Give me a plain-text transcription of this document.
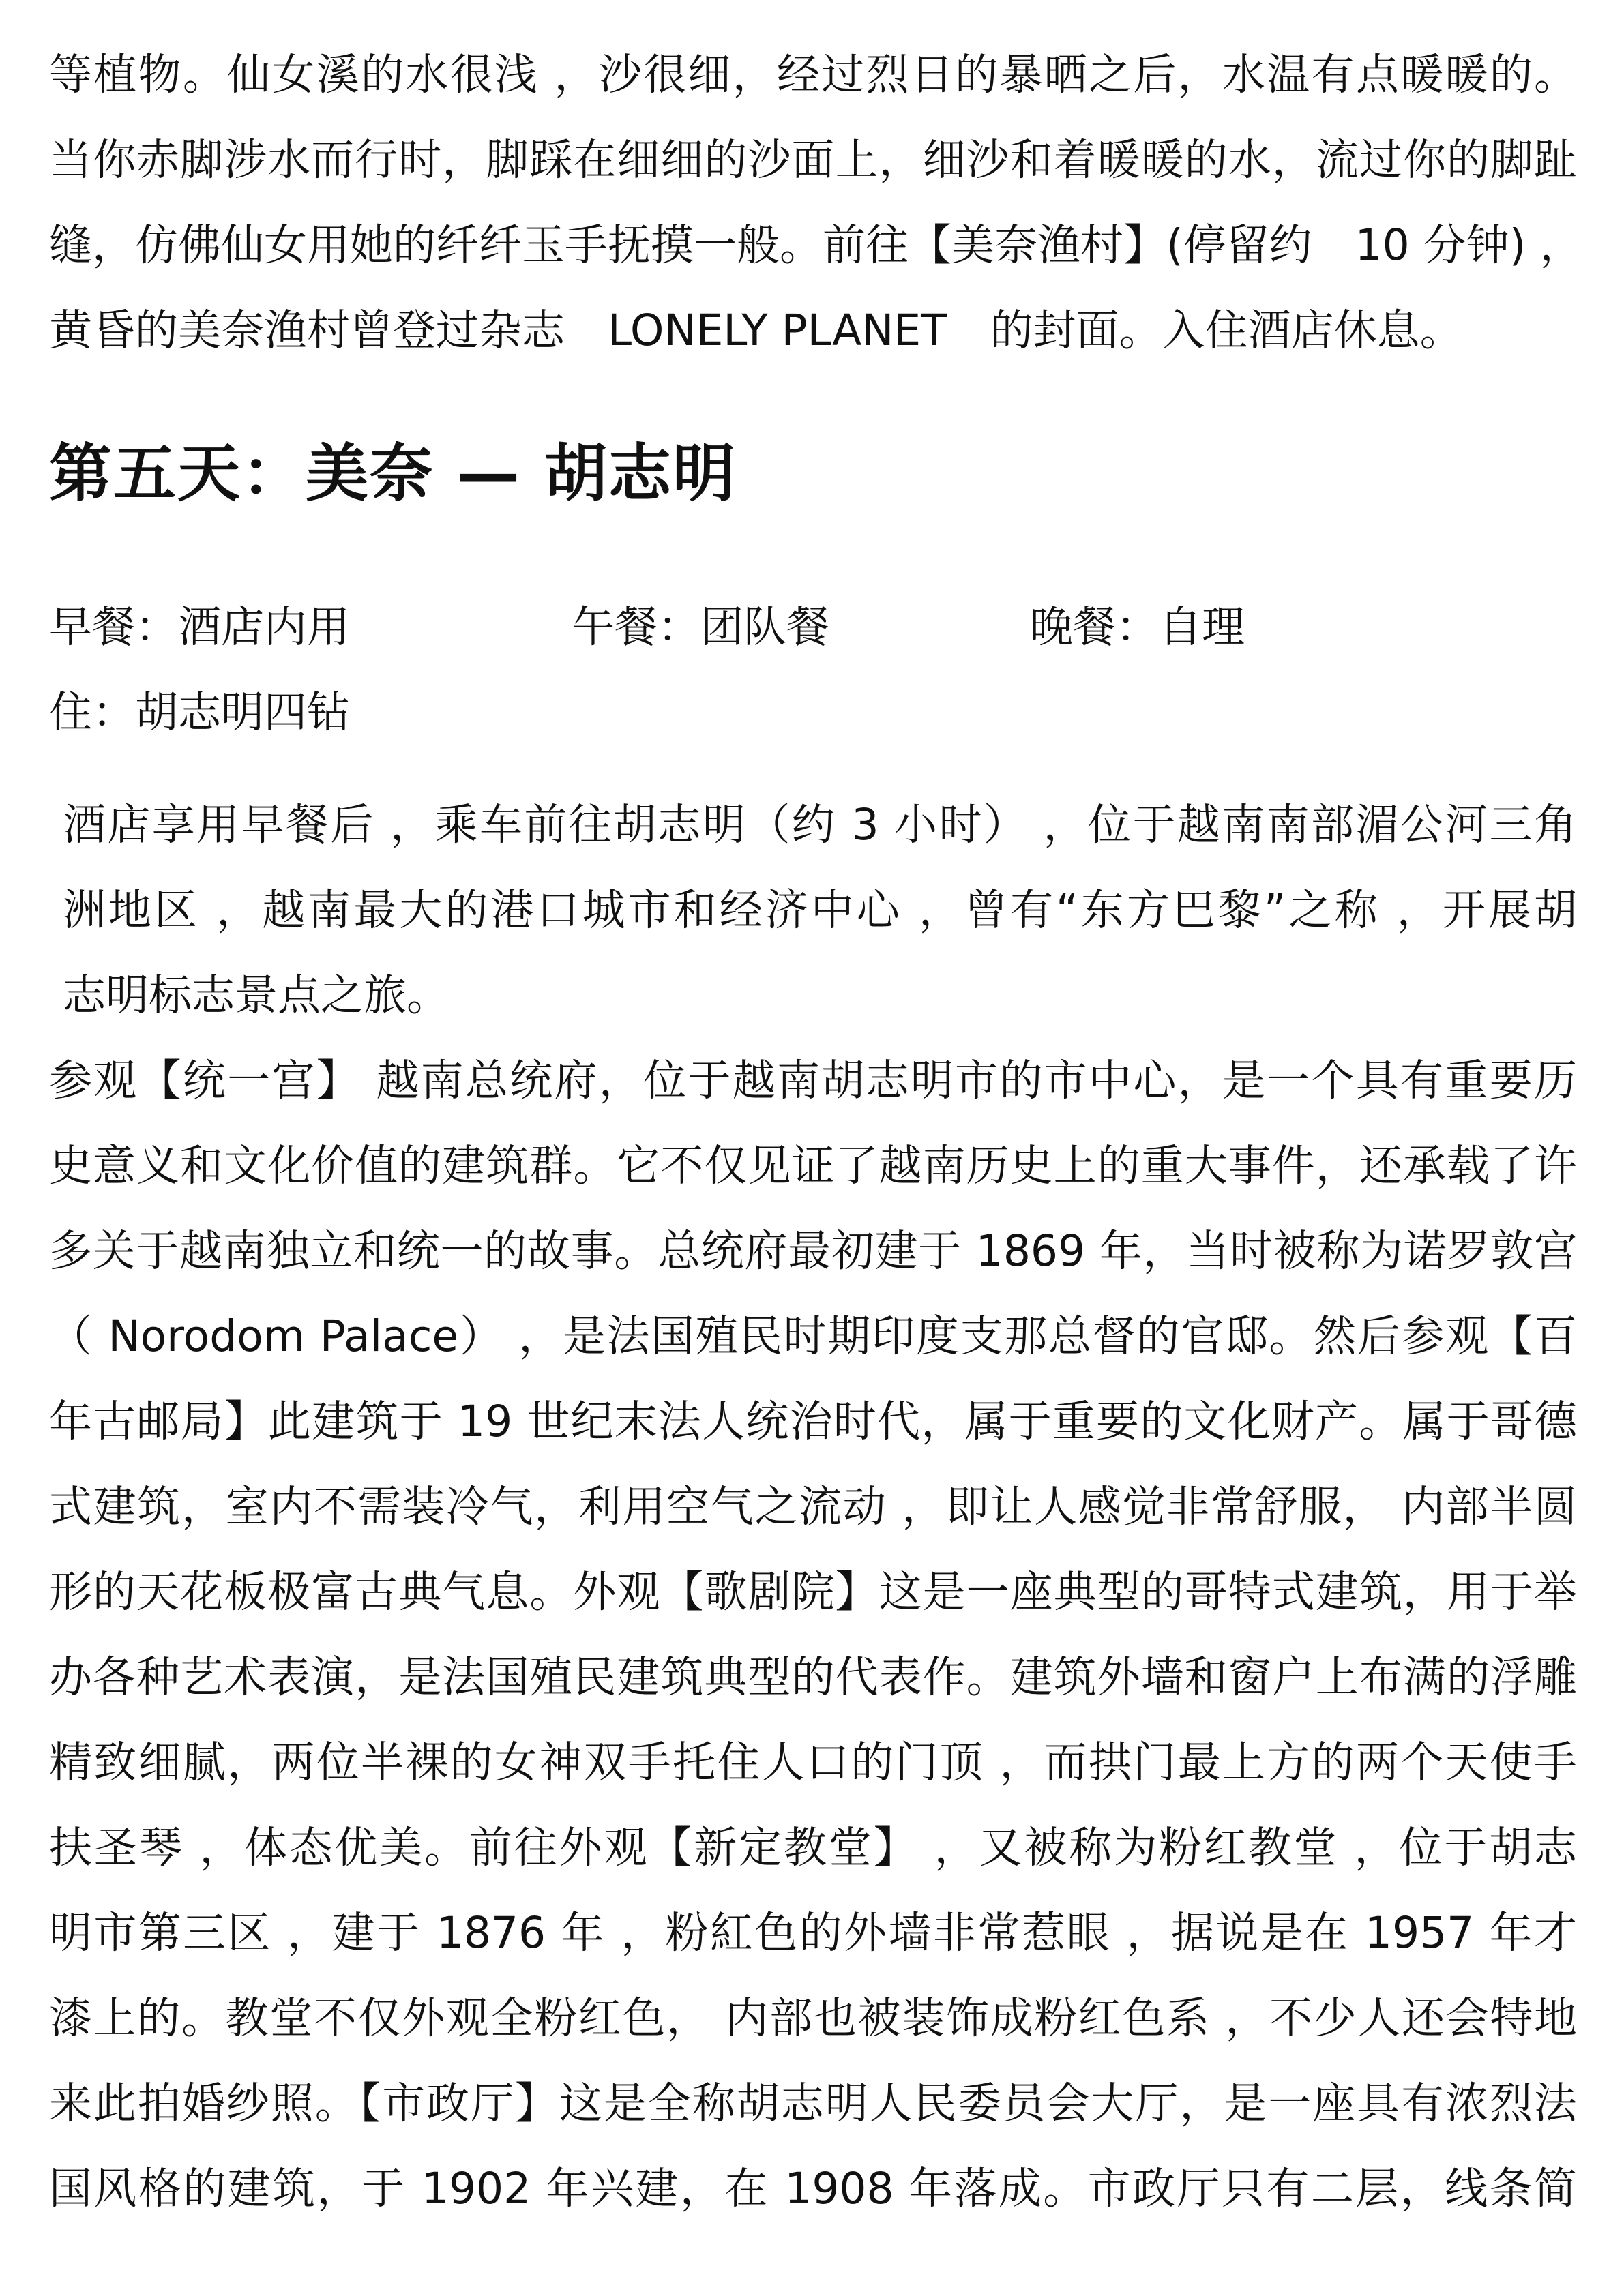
等植物。仙女溪的水很浅 ，沙很细，经过烈日的暴晒之后，水温有点暖暖的。
当你赤脚涉水而行时，脚踩在细细的沙面上，细沙和着暖暖的水，流过你的脚趾
缝，仿佛仙女用她的纤纤玉手抚摸一般。前往【美奈渔村】(停留约　10 分钟) ，
黄昏的美奈渔村曾登过杂志　LONELY PLANET　的封面。入住酒店休息。
第五天：美奈 — 胡志明
早餐：酒店内用	午餐：团队餐	晚餐：自理
住：胡志明四钻
酒店享用早餐后 ，乘车前往胡志明（约 3 小时） ，位于越南南部湄公河三角
洲地区 ，越南最大的港口城市和经济中心 ，曾有“东方巴黎”之称 ，开展胡
志明标志景点之旅。
参观【统一宫】 越南总统府，位于越南胡志明市的市中心，是一个具有重要历
史意义和文化价值的建筑群。它不仅见证了越南历史上的重大事件，还承载了许
多关于越南独立和统一的故事。总统府最初建于 1869 年，当时被称为诺罗敦宫
（ Norodom Palace） ，是法国殖民时期印度支那总督的官邸。然后参观【百
年古邮局】此建筑于 19 世纪末法人统治时代，属于重要的文化财产。属于哥德
式建筑，室内不需装冷气，利用空气之流动 ，即让人感觉非常舒服， 内部半圆
形的天花板极富古典气息。外观【歌剧院】这是一座典型的哥特式建筑，用于举
办各种艺术表演，是法国殖民建筑典型的代表作。建筑外墙和窗户上布满的浮雕
精致细腻，两位半裸的女神双手托住人口的门顶 ，而拱门最上方的两个天使手
扶圣琴 ，体态优美。前往外观【新定教堂】 ，又被称为粉红教堂 ，位于胡志
明市第三区 ，建于 1876 年 ，粉紅色的外墙非常惹眼 ，据说是在 1957 年才
漆上的。教堂不仅外观全粉红色， 内部也被装饰成粉红色系 ，不少人还会特地
来此拍婚纱照。【市政厅】这是全称胡志明人民委员会大厅，是一座具有浓烈法
国风格的建筑，于 1902 年兴建，在 1908 年落成。市政厅只有二层，线条简
